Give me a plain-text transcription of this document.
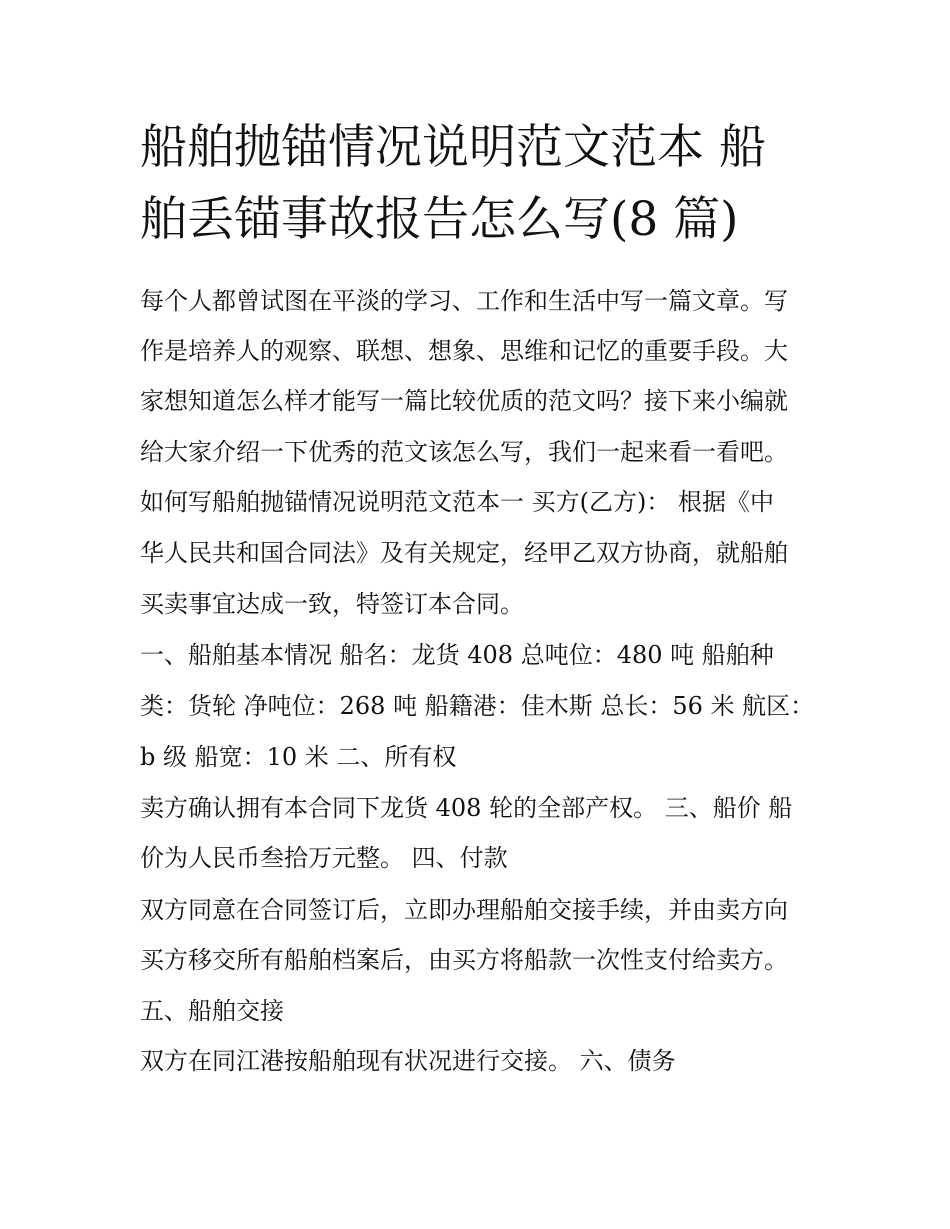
船舶抛锚情况说明范文范本 船
舶丢锚事故报告怎么写(8 篇)

每个人都曾试图在平淡的学习、工作和生活中写一篇文章。写

作是培养人的观察、联想、想象、思维和记忆的重要手段。大

家想知道怎么样才能写一篇比较优质的范文吗？接下来小编就

给大家介绍一下优秀的范文该怎么写，我们一起来看一看吧。

如何写船舶抛锚情况说明范文范本一 买方(乙方)： 根据《中

华人民共和国合同法》及有关规定，经甲乙双方协商，就船舶

买卖事宜达成一致，特签订本合同。

一、船舶基本情况 船名：龙货 408 总吨位：480 吨 船舶种

类：货轮 净吨位：268 吨 船籍港：佳木斯 总长：56 米 航区：

b 级 船宽：10 米 二、所有权

卖方确认拥有本合同下龙货 408 轮的全部产权。 三、船价 船

价为人民币叁拾万元整。 四、付款

双方同意在合同签订后，立即办理船舶交接手续，并由卖方向

买方移交所有船舶档案后，由买方将船款一次性支付给卖方。

五、船舶交接

双方在同江港按船舶现有状况进行交接。 六、债务
